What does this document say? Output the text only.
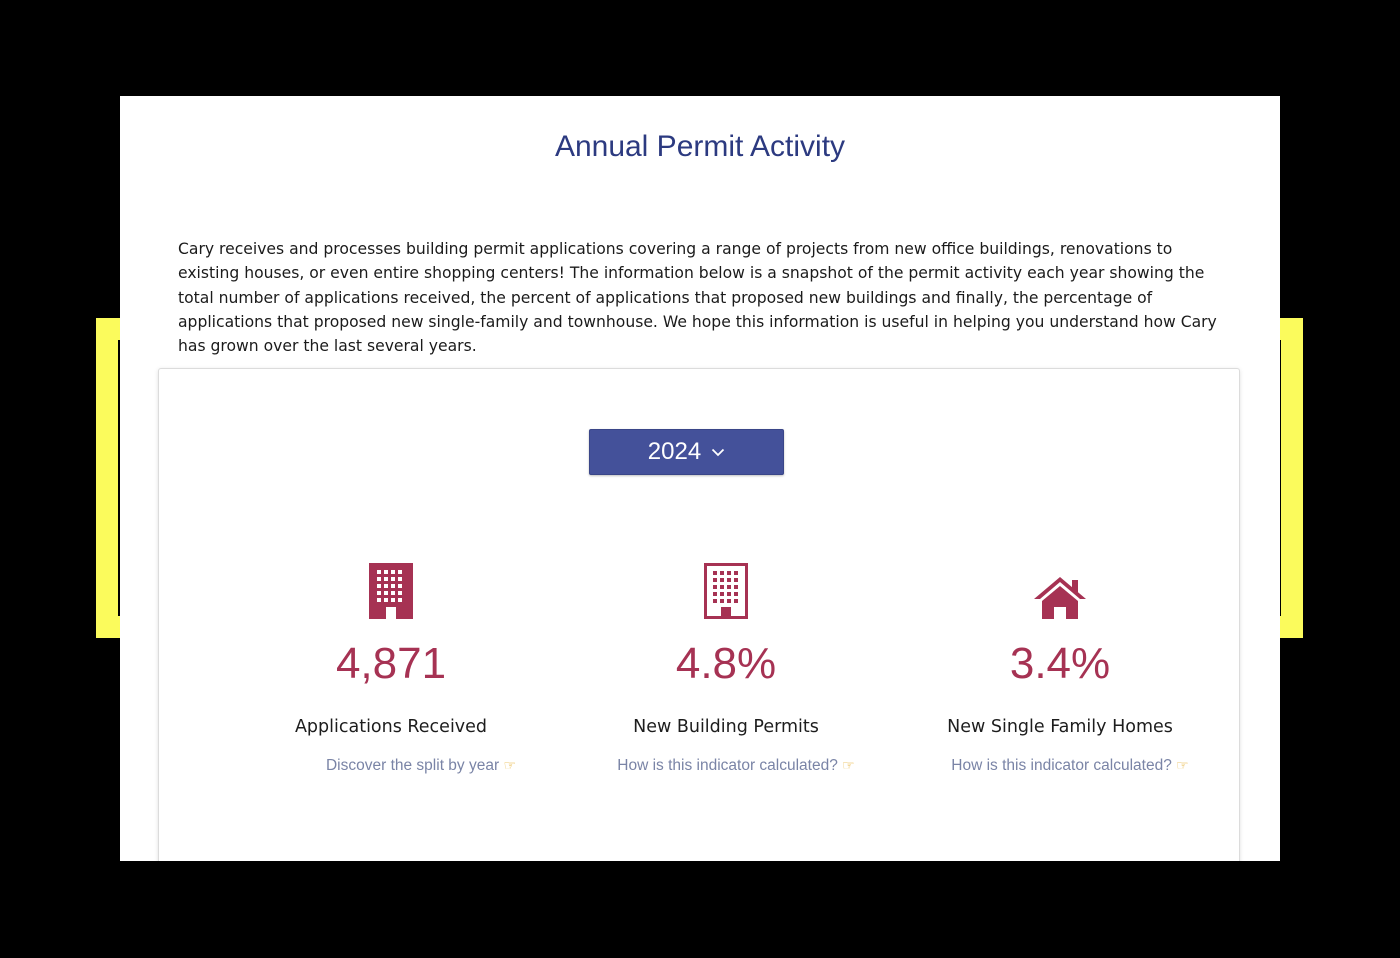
Annual Permit Activity

Cary receives and processes building permit applications covering a range of projects from new office buildings, renovations to existing houses, or even entire shopping centers! The information below is a snapshot of the permit activity each year showing the total number of applications received, the percent of applications that proposed new buildings and finally, the percentage of applications that proposed new single-family and townhouse. We hope this information is useful in helping you understand how Cary has grown over the last several years.

2024
4,871
Applications Received
Discover the split by year ☞
4.8%
New Building Permits
How is this indicator calculated? ☞
3.4%
New Single Family Homes
How is this indicator calculated? ☞
